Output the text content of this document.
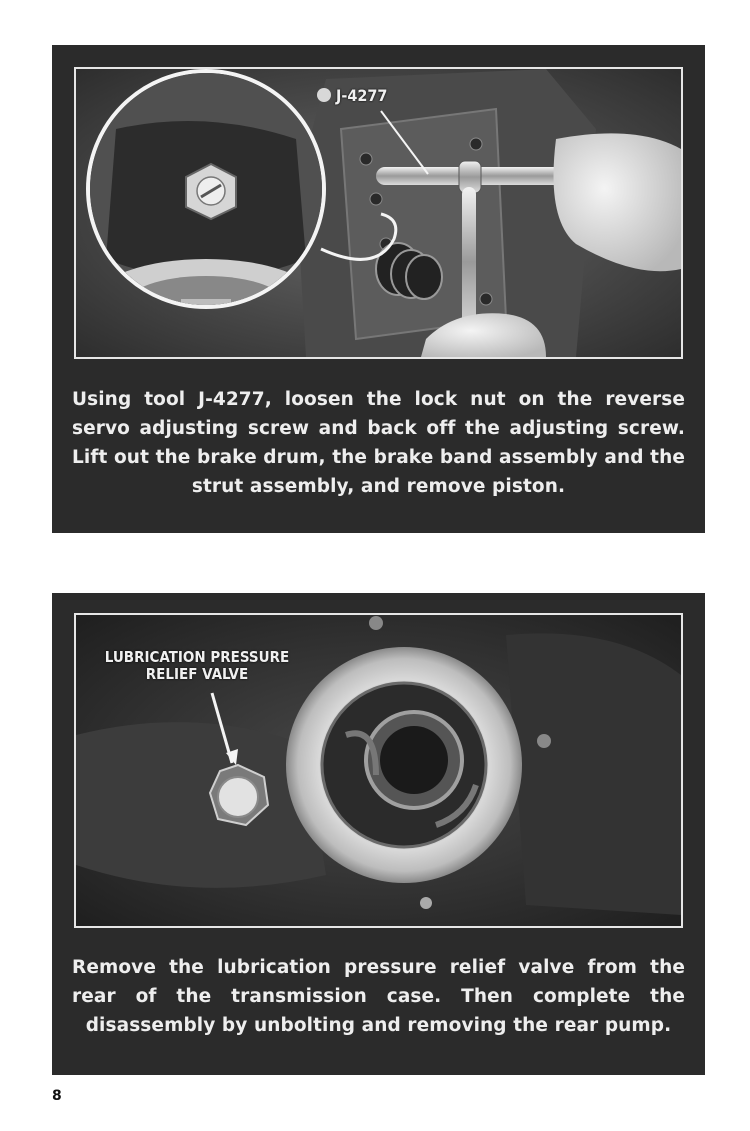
J-4277

Using tool J-4277, loosen the lock nut on the reverse servo adjusting screw and back off the adjusting screw. Lift out the brake drum, the brake band assembly and the strut assembly, and remove piston.

LUBRICATION PRESSURE RELIEF VALVE

Remove the lubrication pressure relief valve from the rear of the transmission case. Then complete the disassembly by unbolting and removing the rear pump.

8
